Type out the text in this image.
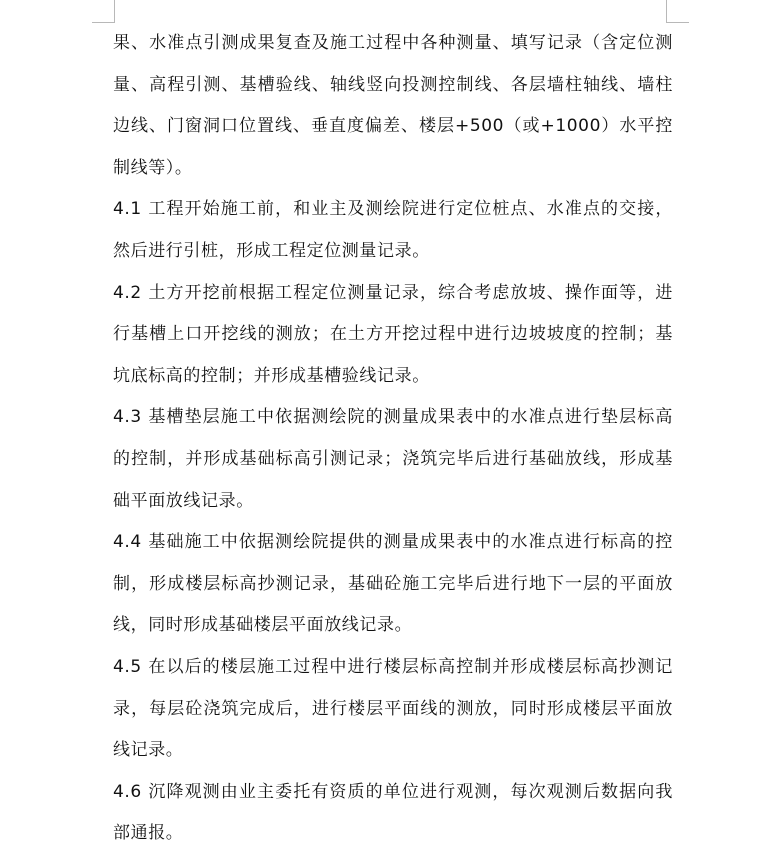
果、水准点引测成果复查及施工过程中各种测量、填写记录（含定位测量、高程引测、基槽验线、轴线竖向投测控制线、各层墙柱轴线、墙柱边线、门窗洞口位置线、垂直度偏差、楼层+500（或+1000）水平控制线等）。

4.1 工程开始施工前，和业主及测绘院进行定位桩点、水准点的交接，然后进行引桩，形成工程定位测量记录。

4.2 土方开挖前根据工程定位测量记录，综合考虑放坡、操作面等，进行基槽上口开挖线的测放；在土方开挖过程中进行边坡坡度的控制；基坑底标高的控制；并形成基槽验线记录。

4.3 基槽垫层施工中依据测绘院的测量成果表中的水准点进行垫层标高的控制，并形成基础标高引测记录；浇筑完毕后进行基础放线，形成基础平面放线记录。

4.4 基础施工中依据测绘院提供的测量成果表中的水准点进行标高的控制，形成楼层标高抄测记录，基础砼施工完毕后进行地下一层的平面放线，同时形成基础楼层平面放线记录。

4.5 在以后的楼层施工过程中进行楼层标高控制并形成楼层标高抄测记录，每层砼浇筑完成后，进行楼层平面线的测放，同时形成楼层平面放线记录。

4.6 沉降观测由业主委托有资质的单位进行观测，每次观测后数据向我部通报。
